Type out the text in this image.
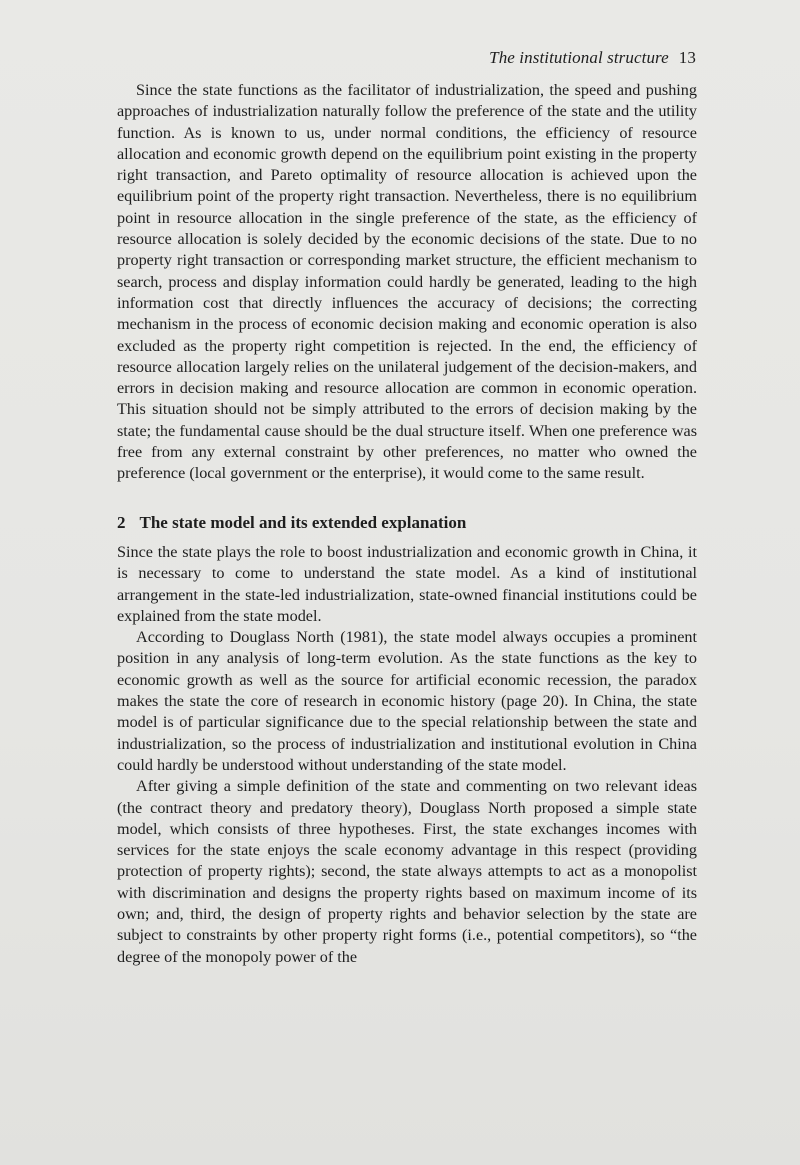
The institutional structure 13

Since the state functions as the facilitator of industrialization, the speed and pushing approaches of industrialization naturally follow the preference of the state and the utility function. As is known to us, under normal conditions, the efficiency of resource allocation and economic growth depend on the equilibrium point existing in the property right transaction, and Pareto optimality of resource allocation is achieved upon the equilibrium point of the property right transaction. Nevertheless, there is no equilibrium point in resource allocation in the single preference of the state, as the efficiency of resource allocation is solely decided by the economic decisions of the state. Due to no property right transaction or corresponding market structure, the efficient mechanism to search, process and display information could hardly be generated, leading to the high information cost that directly influences the accuracy of decisions; the correcting mechanism in the process of economic decision making and economic operation is also excluded as the property right competition is rejected. In the end, the efficiency of resource allocation largely relies on the unilateral judgement of the decision-makers, and errors in decision making and resource allocation are common in economic operation. This situation should not be simply attributed to the errors of decision making by the state; the fundamental cause should be the dual structure itself. When one preference was free from any external constraint by other preferences, no matter who owned the preference (local government or the enterprise), it would come to the same result.

2 The state model and its extended explanation

Since the state plays the role to boost industrialization and economic growth in China, it is necessary to come to understand the state model. As a kind of institutional arrangement in the state-led industrialization, state-owned financial institutions could be explained from the state model.

According to Douglass North (1981), the state model always occupies a prominent position in any analysis of long-term evolution. As the state functions as the key to economic growth as well as the source for artificial economic recession, the paradox makes the state the core of research in economic history (page 20). In China, the state model is of particular significance due to the special relationship between the state and industrialization, so the process of industrialization and institutional evolution in China could hardly be understood without understanding of the state model.

After giving a simple definition of the state and commenting on two relevant ideas (the contract theory and predatory theory), Douglass North proposed a simple state model, which consists of three hypotheses. First, the state exchanges incomes with services for the state enjoys the scale economy advantage in this respect (providing protection of property rights); second, the state always attempts to act as a monopolist with discrimination and designs the property rights based on maximum income of its own; and, third, the design of property rights and behavior selection by the state are subject to constraints by other property right forms (i.e., potential competitors), so “the degree of the monopoly power of the
